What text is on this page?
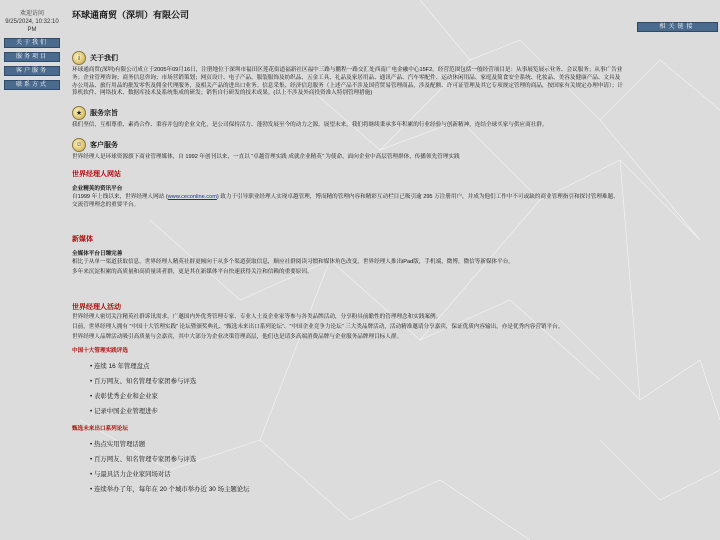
欢迎访问
9/25/2024, 10:32:10 PM
关于我们
服务项目
客户服务
联系方式
相关链接
环球通商贸（深圳）有限公司
i	关于我们

环球通商贸(深圳)有限公司成立于2005年09月16日，注册地位于深圳市福田区莲花街道福新社区福中三路与鹏程一路交汇处西南广电金融中心15F2。经营范围包括一般经营项目是：从事展览展示业务、会议服务；从事广告业务；企业管理咨询；商务信息咨询；市场营销策划；网页设计、电子产品、服装服饰及纺织品、五金工具、礼品及家居用品、通讯产品、汽车零配件、运动休闲用品、家庭及简食安全系统、化妆品、美容及健康产品、文具及办公用品、旅行用品的批发零售及佣金代理服务，及相关产品的进出口业务。信息采集、经济信息服务（上述产品不涉及国营贸易管理商品，涉及配额、许可证管理及其它专项规定管理的商品，按国家有关规定办理申请）；计算机软件、网络技术、数据库技术及系统集成的研发；销售自行研发的技术成果。(以上不涉及外商投资准入特别管理措施)

★	服务宗旨

我们坚信，互相尊重、素尚合作、秉容并包的企业文化，是公司保持活力、蓬勃发展至今的动力之源。展望未来，我们将继续秉承多年积累的行业经验与创新精神，连结全球买家与供应商社群。

☺	客户服务

世界经理人是环球资源旗下商业管理媒体，自 1992 年创刊以来，一直以 “卓越管理实践 成就企业精英” 为使命，面向企业中高层管理群体，传播领先管理实践

世界经理人网站
企业精英的资讯平台

自1999 年上线以来，世界经理人网站 (www.ceconline.com) 致力于引导职业经理人实现卓越管理，博而精的管理内容和精彩互动栏目已吸引逾 295 万注册用户，并成为他们工作中不可或缺的商业管理指引和探讨管理难题、交流管理理念的重要平台。

新媒体
全媒体平台日臻完善

相比于从单一渠道获取信息，世界经理人精英社群更倾向于从多个渠道获取信息，顺应社群阅读习惯和媒体角色改变，世界经理人推出iPad版，手机端，微博，微信等新媒体平台。

多年来沉淀积累的高质量和高质量读者群，更是其在新媒体平台快速获得关注和信赖的重要原因。

世界经理人活动

世界经理人密切关注精英社群诉讯需求，广邀国内外优秀管理专家、专业人士及企业家等参与各类品牌活动，分享粉具前瞻性的管理理念和实践案例。

目前，世界经理人拥有 “中国十大管理实践” 论坛暨颁奖典礼、“甄选未来出口系列论坛”、“中国企业竞争力论坛” 三大类品牌活动，活动精准邀请分享嘉宾，保证优质内容输出，亦是优秀内容营销平台。

世界经理人品牌活动吸引高质量与会嘉宾，其中大部分为企业决策管理高层，他们也是请多高端消费品牌与企业服务品牌理目标人群。

中国十大管理实践评选
• 连续 16 年管理盘点
• 百万网友、知名管理专家团参与评选
• 表彰优秀企业和企业家
• 记录中国企业管理进步
甄选未来出口系列论坛
• 热点实用管理话题
• 百万网友、知名管理专家团参与评选
• 与最具活力企业家同场对话
• 连续举办了年，每年在 20 个城市举办近 30 场主题论坛
